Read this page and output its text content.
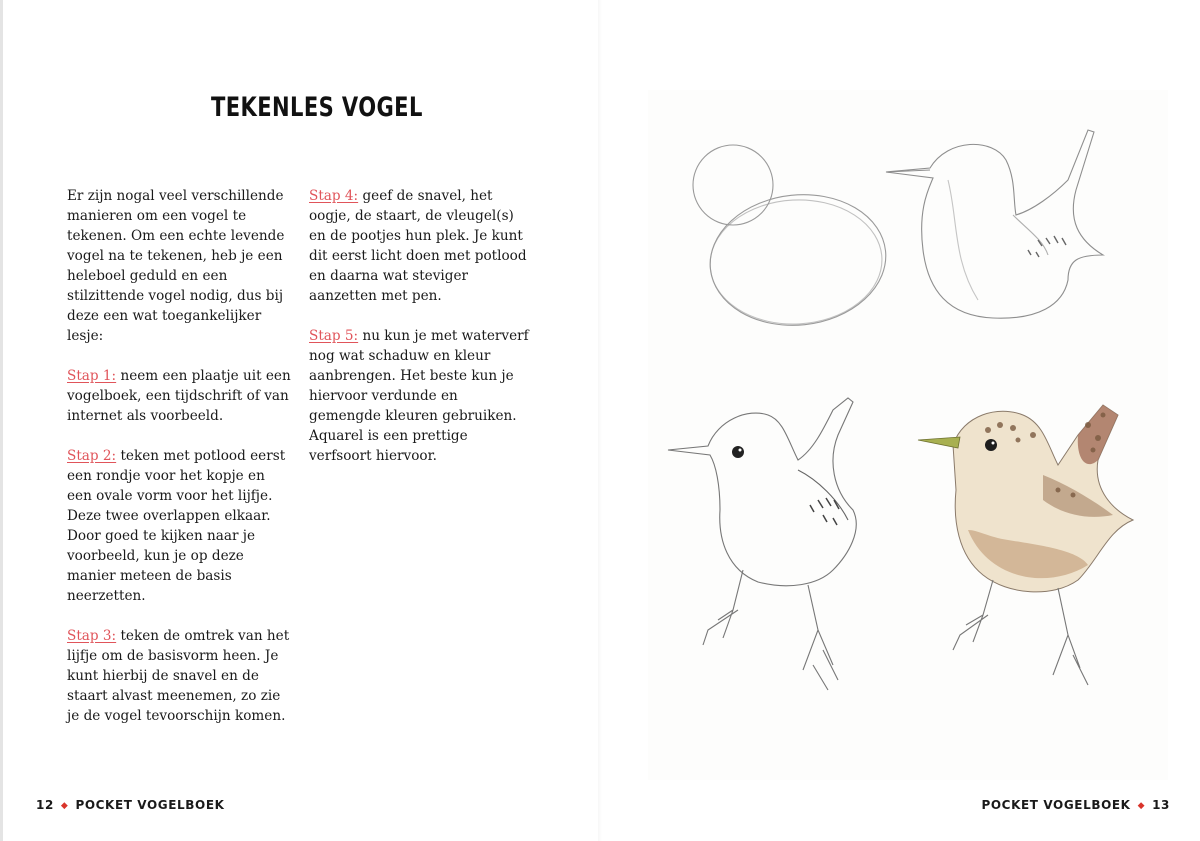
TEKENLES VOGEL

Er zijn nogal veel verschillende manieren om een vogel te tekenen. Om een echte levende vogel na te tekenen, heb je een heleboel geduld en een stilzittende vogel nodig, dus bij deze een wat toegankelijker lesje:

Stap 1: neem een plaatje uit een vogelboek, een tijdschrift of van internet als voorbeeld.

Stap 2: teken met potlood eerst een rondje voor het kopje en een ovale vorm voor het lijfje. Deze twee overlappen elkaar. Door goed te kijken naar je voorbeeld, kun je op deze manier meteen de basis neerzetten.

Stap 3: teken de omtrek van het lijfje om de basisvorm heen. Je kunt hierbij de snavel en de staart alvast meenemen, zo zie je de vogel tevoorschijn komen.

Stap 4: geef de snavel, het oogje, de staart, de vleugel(s) en de pootjes hun plek. Je kunt dit eerst licht doen met potlood en daarna wat steviger aanzetten met pen.

Stap 5: nu kun je met waterverf nog wat schaduw en kleur aanbrengen. Het beste kun je hiervoor verdunde en gemengde kleuren gebruiken. Aquarel is een prettige verfsoort hiervoor.

12 ◆ POCKET VOGELBOEK	POCKET VOGELBOEK ◆ 13
